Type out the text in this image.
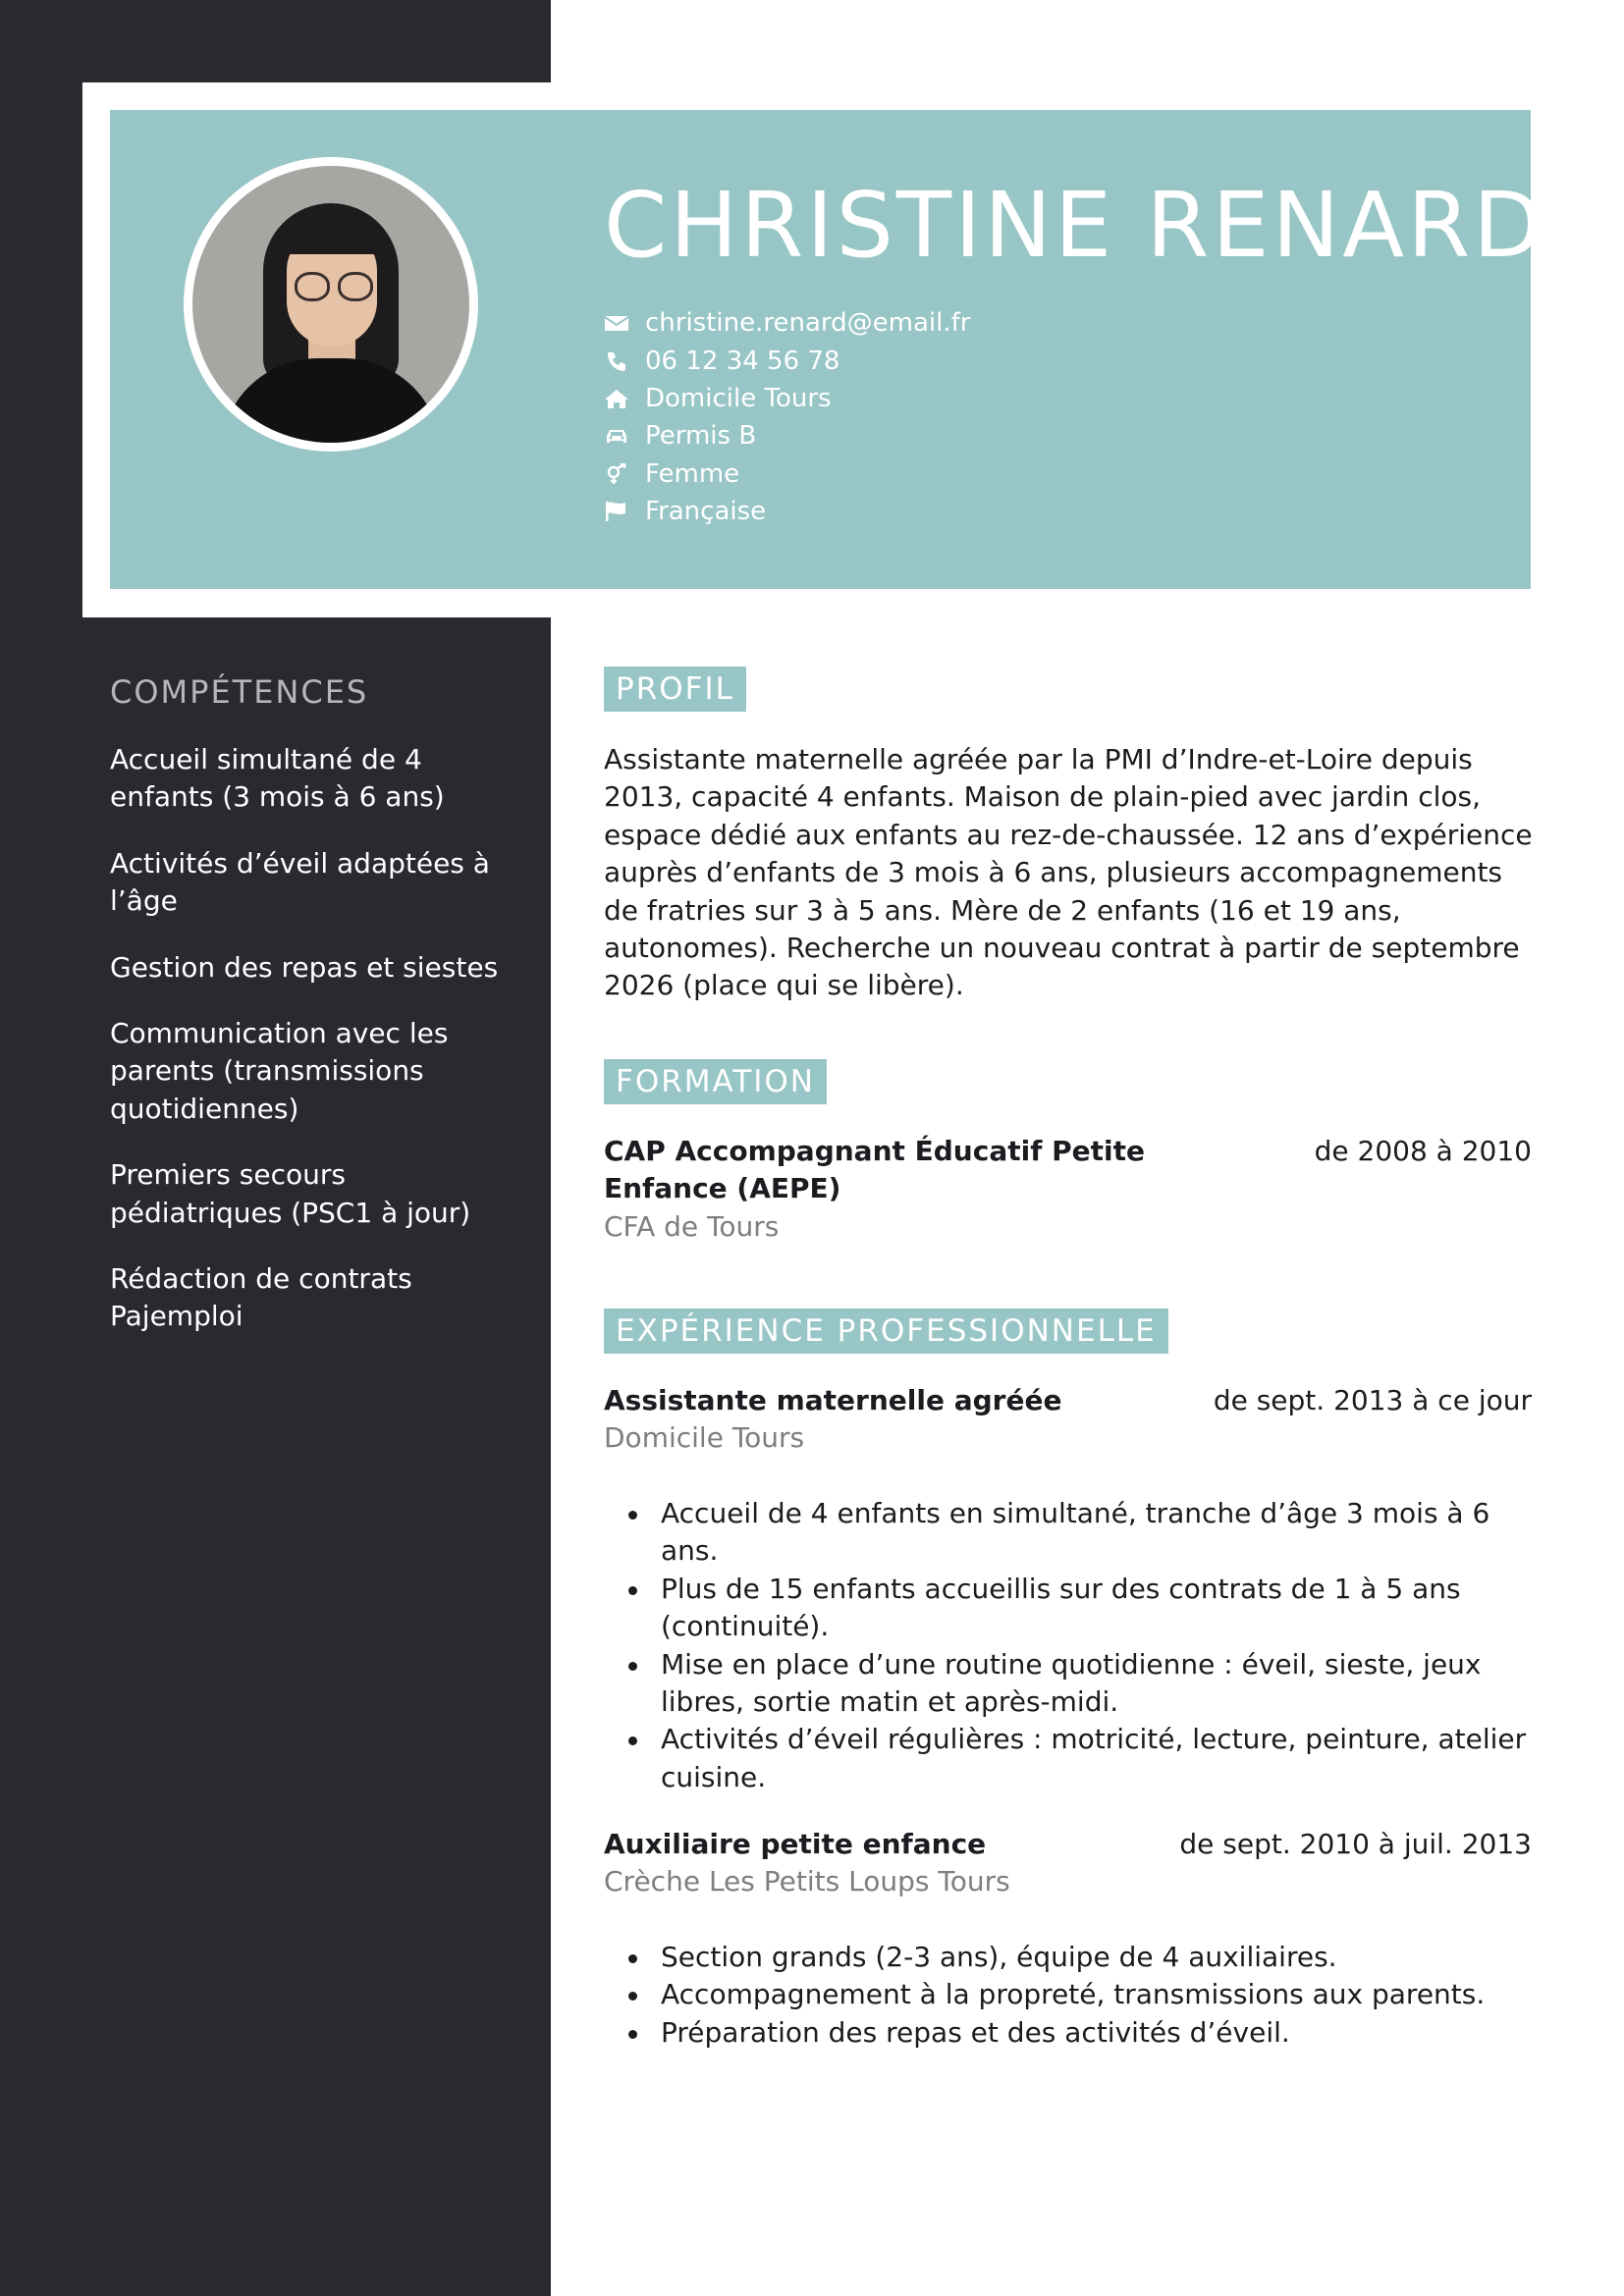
CHRISTINE RENARD
christine.renard@email.fr
06 12 34 56 78
Domicile Tours
Permis B
Femme
Française
COMPÉTENCES
Accueil simultané de 4 enfants (3 mois à 6 ans)
Activités d’éveil adaptées à l’âge
Gestion des repas et siestes
Communication avec les parents (transmissions quotidiennes)
Premiers secours pédiatriques (PSC1 à jour)
Rédaction de contrats Pajemploi
PROFIL

Assistante maternelle agréée par la PMI d’Indre-et-Loire depuis 2013, capacité 4 enfants. Maison de plain-pied avec jardin clos, espace dédié aux enfants au rez-de-chaussée. 12 ans d’expérience auprès d’enfants de 3 mois à 6 ans, plusieurs accompagnements de fratries sur 3 à 5 ans. Mère de 2 enfants (16 et 19 ans, autonomes). Recherche un nouveau contrat à partir de septembre 2026 (place qui se libère).

FORMATION

CAP Accompagnant Éducatif Petite Enfance (AEPE)

de 2008 à 2010

CFA de Tours

EXPÉRIENCE PROFESSIONNELLE

Assistante maternelle agréée	de sept. 2013 à ce jour

Domicile Tours

Accueil de 4 enfants en simultané, tranche d’âge 3 mois à 6 ans.
Plus de 15 enfants accueillis sur des contrats de 1 à 5 ans (continuité).
Mise en place d’une routine quotidienne : éveil, sieste, jeux libres, sortie matin et après-midi.
Activités d’éveil régulières : motricité, lecture, peinture, atelier cuisine.

Auxiliaire petite enfance	de sept. 2010 à juil. 2013

Crèche Les Petits Loups Tours

Section grands (2-3 ans), équipe de 4 auxiliaires.
Accompagnement à la propreté, transmissions aux parents.
Préparation des repas et des activités d’éveil.
